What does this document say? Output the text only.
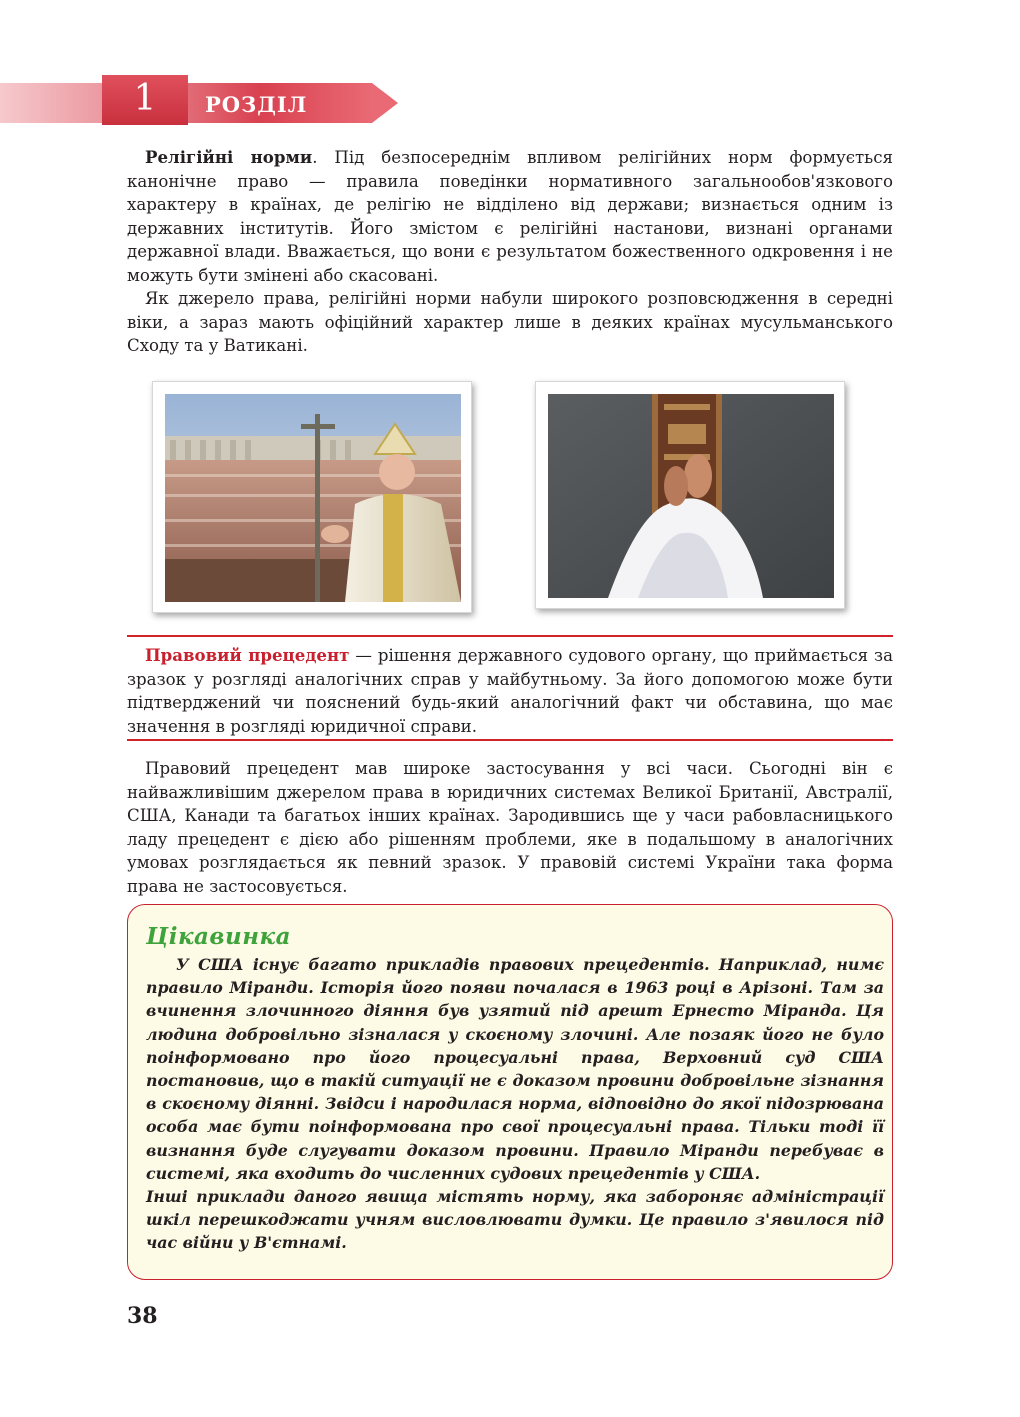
1	РОЗДІЛ

Релігійні норми. Під безпосереднім впливом релігійних норм формується канонічне право — правила поведінки нормативного загальнообов'язкового характеру в країнах, де релігію не відділено від держави; визнається одним із державних інститутів. Його змістом є релігійні настанови, визнані органами державної влади. Вважається, що вони є результатом божественного одкровення і не можуть бути змінені або скасовані.

Як джерело права, релігійні норми набули широкого розповсюдження в середні віки, а зараз мають офіційний характер лише в деяких країнах мусульманського Сходу та у Ватикані.

Правовий прецедент — рішення державного судового органу, що приймається за зразок у розгляді аналогічних справ у майбутньому. За його допомогою може бути підтверджений чи пояснений будь-який аналогічний факт чи обставина, що має значення в розгляді юридичної справи.

Правовий прецедент мав широке застосування у всі часи. Сьогодні він є найважливішим джерелом права в юридичних системах Великої Британії, Австралії, США, Канади та багатьох інших країнах. Зародившись ще у часи рабовласницького ладу прецедент є дією або рішенням проблеми, яке в подальшому в аналогічних умовах розглядається як певний зразок. У правовій системі України така форма права не застосовується.

Цікавинка

У США існує багато прикладів правових прецедентів. Наприклад, нимє правило Міранди. Історія його появи почалася в 1963 році в Арізоні. Там за вчинення злочинного діяння був узятий під арешт Ернесто Міранда. Ця людина добровільно зізналася у скоєному злочині. Але позаяк його не було поінформовано про його процесуальні права, Верховний суд США постановив, що в такій ситуації не є доказом провини добровільне зізнання в скоєному діянні. Звідси і народилася норма, відповідно до якої підозрювана особа має бути поінформована про свої процесуальні права. Тільки тоді її визнання буде слугувати доказом провини. Правило Міранди перебуває в системі, яка входить до численних судових прецедентів у США.

Інші приклади даного явища містять норму, яка забороняє адміністрації шкіл перешкоджати учням висловлювати думки. Це правило з'явилося під час війни у В'єтнамі.

38
